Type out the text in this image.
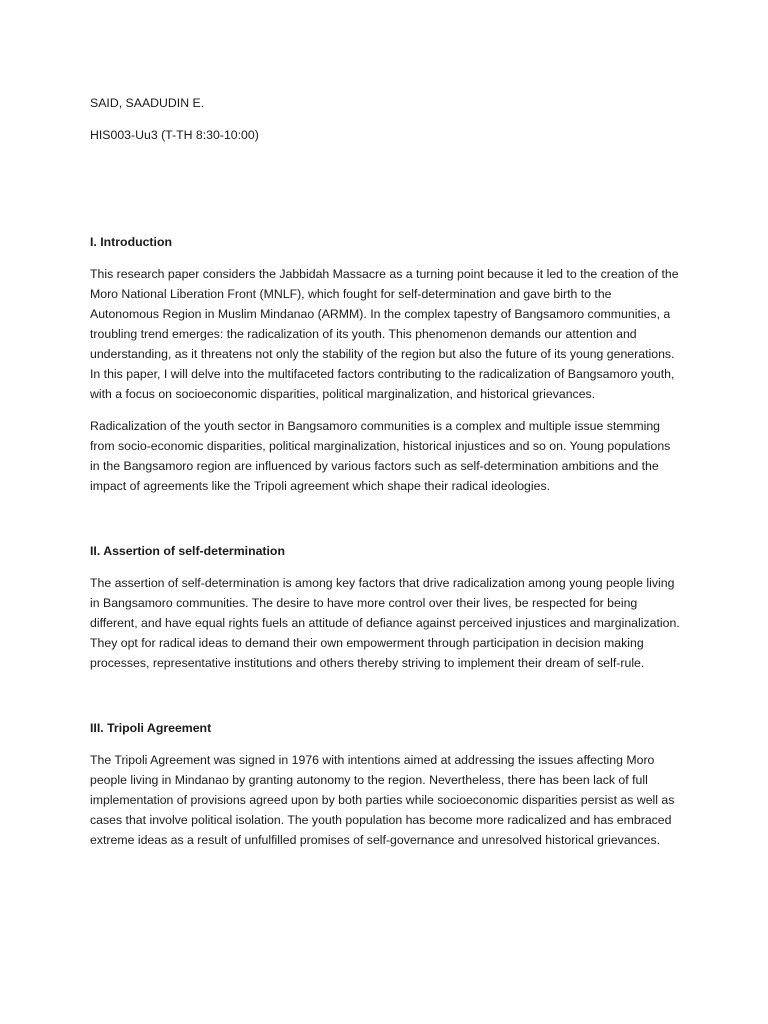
SAID, SAADUDIN E.
HIS003-Uu3 (T-TH 8:30-10:00)
I. Introduction

This research paper considers the Jabbidah Massacre as a turning point because it led to the creation of the Moro National Liberation Front (MNLF), which fought for self-determination and gave birth to the Autonomous Region in Muslim Mindanao (ARMM). In the complex tapestry of Bangsamoro communities, a troubling trend emerges: the radicalization of its youth. This phenomenon demands our attention and understanding, as it threatens not only the stability of the region but also the future of its young generations. In this paper, I will delve into the multifaceted factors contributing to the radicalization of Bangsamoro youth, with a focus on socioeconomic disparities, political marginalization, and historical grievances.

Radicalization of the youth sector in Bangsamoro communities is a complex and multiple issue stemming from socio-economic disparities, political marginalization, historical injustices and so on. Young populations in the Bangsamoro region are influenced by various factors such as self-determination ambitions and the impact of agreements like the Tripoli agreement which shape their radical ideologies.

II. Assertion of self-determination

The assertion of self-determination is among key factors that drive radicalization among young people living in Bangsamoro communities. The desire to have more control over their lives, be respected for being different, and have equal rights fuels an attitude of defiance against perceived injustices and marginalization. They opt for radical ideas to demand their own empowerment through participation in decision making processes, representative institutions and others thereby striving to implement their dream of self-rule.

III. Tripoli Agreement

The Tripoli Agreement was signed in 1976 with intentions aimed at addressing the issues affecting Moro people living in Mindanao by granting autonomy to the region. Nevertheless, there has been lack of full implementation of provisions agreed upon by both parties while socioeconomic disparities persist as well as cases that involve political isolation. The youth population has become more radicalized and has embraced extreme ideas as a result of unfulfilled promises of self-governance and unresolved historical grievances.
